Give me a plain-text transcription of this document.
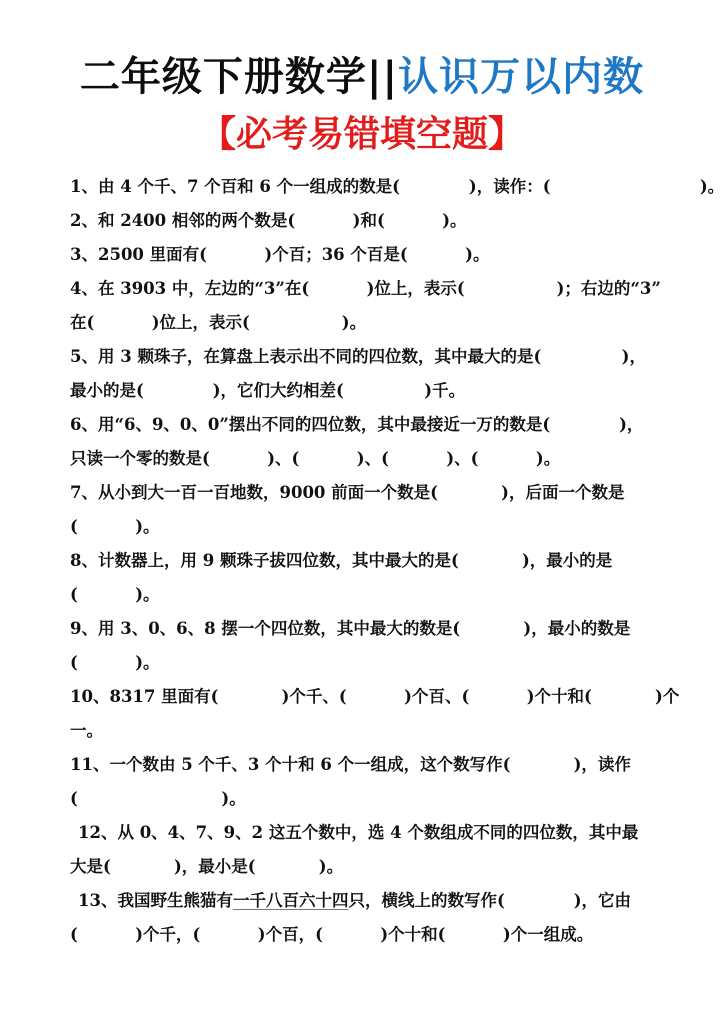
二年级下册数学||认识万以内数
【必考易错填空题】
1、由 4 个千、7 个百和 6 个一组成的数是(            )，读作：(                          )。
2、和 2400 相邻的两个数是(          )和(          )。
3、2500 里面有(          )个百；36 个百是(          )。
4、在 3903 中，左边的“3”在(          )位上，表示(                )；右边的“3”
在(          )位上，表示(                )。
5、用 3 颗珠子，在算盘上表示出不同的四位数，其中最大的是(              )，
最小的是(            )，它们大约相差(              )千。
6、用“6、9、0、0”摆出不同的四位数，其中最接近一万的数是(            )，
只读一个零的数是(          )、(          )、(          )、(          )。
7、从小到大一百一百地数，9000 前面一个数是(           )，后面一个数是
(          )。
8、计数器上，用 9 颗珠子拔四位数，其中最大的是(           )，最小的是
(          )。
9、用 3、0、6、8 摆一个四位数，其中最大的数是(           )，最小的数是
(          )。
10、8317 里面有(           )个千、(          )个百、(          )个十和(           )个
一。
11、一个数由 5 个千、3 个十和 6 个一组成，这个数写作(           )，读作
(                         )。
12、从 0、4、7、9、2 这五个数中，选 4 个数组成不同的四位数，其中最
大是(           )，最小是(           )。
13、我国野生熊猫有一千八百六十四只，横线上的数写作(            )，它由
(          )个千，(          )个百，(          )个十和(          )个一组成。
